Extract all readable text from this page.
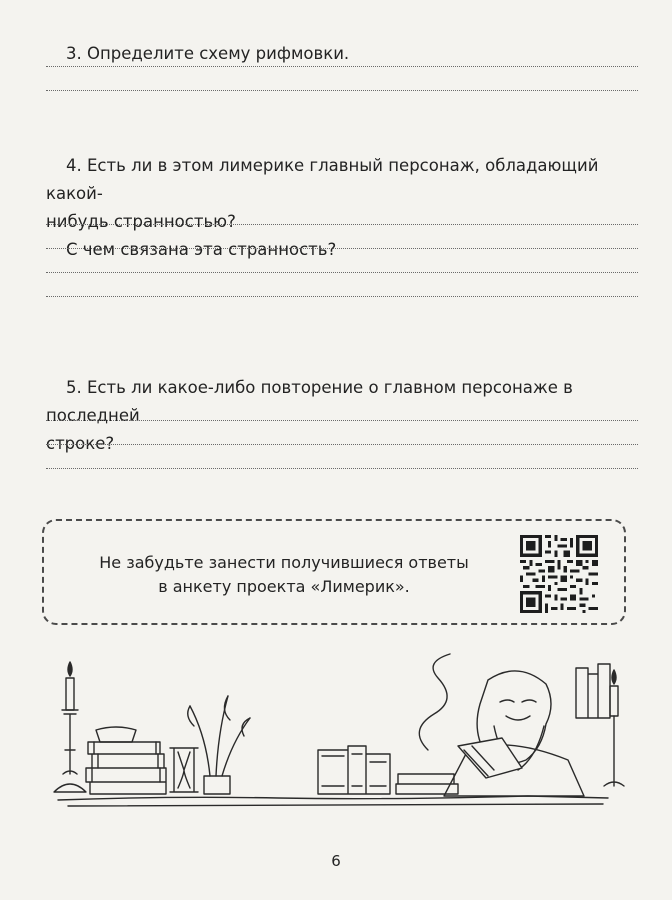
3. Определите схему рифмовки.

4. Есть ли в этом лимерике главный персонаж, обладающий какой-

нибудь странностью?

С чем связана эта странность?

5. Есть ли какое-либо повторение о главном персонаже в последней

строке?

Не забудьте занести получившиеся ответы
в анкету проекта «Лимерик».
6
